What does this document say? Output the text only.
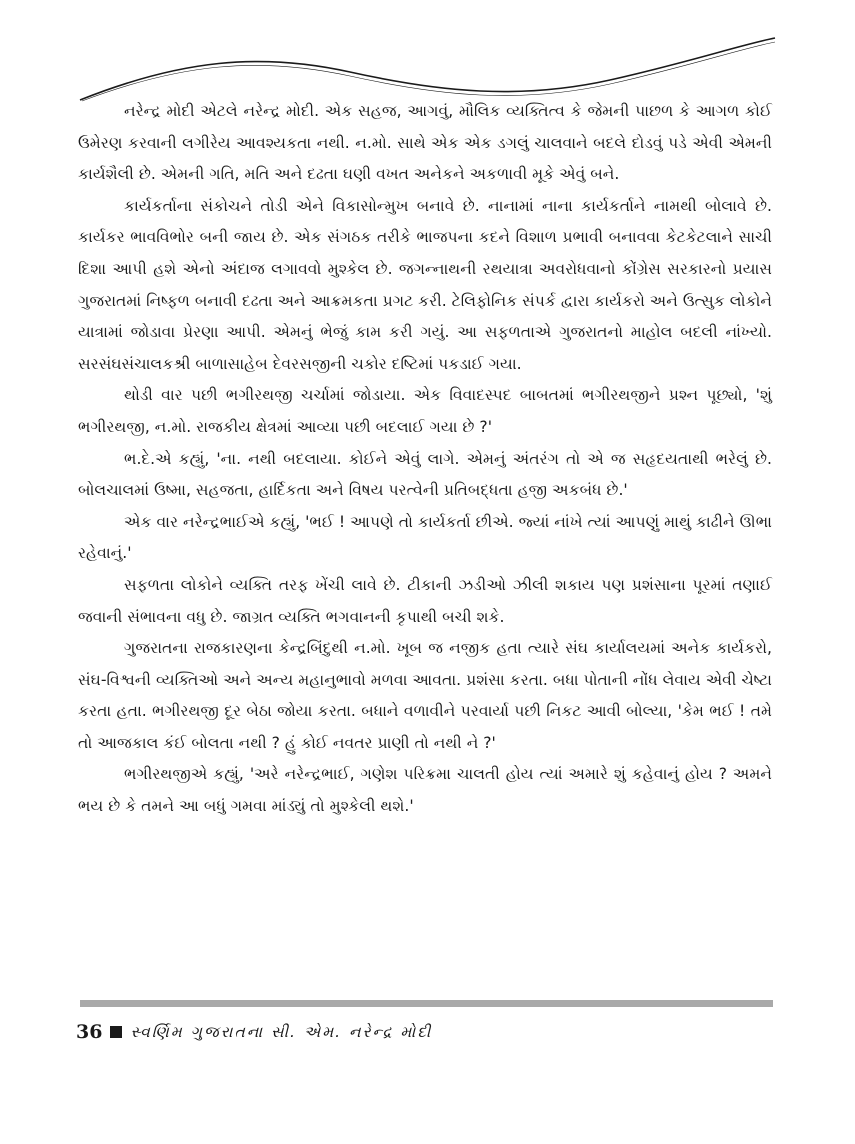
નરેન્દ્ર મોદી એટલે નરેન્દ્ર મોદી. એક સહજ, આગવું, મૌલિક વ્યક્તિત્વ કે જેમની પાછળ કે આગળ કોઈ ઉમેરણ કરવાની લગીરેય આવશ્યકતા નથી. ન.મો. સાથે એક એક ડગલું ચાલવાને બદલે દોડવું પડે એવી એમની કાર્યશૈલી છે. એમની ગતિ, મતિ અને દઢતા ઘણી વખત અનેકને અકળાવી મૂકે એવું બને.

કાર્યકર્તાના સંકોચને તોડી એને વિકાસોન્મુખ બનાવે છે. નાનામાં નાના કાર્યકર્તાને નામથી બોલાવે છે. કાર્યકર ભાવવિભોર બની જાય છે. એક સંગઠક તરીકે ભાજપના કદને વિશાળ પ્રભાવી બનાવવા કેટકેટલાને સાચી દિશા આપી હશે એનો અંદાજ લગાવવો મુશ્કેલ છે. જગન્નાથની રથયાત્રા અવરોધવાનો કોંગ્રેસ સરકારનો પ્રયાસ ગુજરાતમાં નિષ્ફળ બનાવી દઢતા અને આક્રમકતા પ્રગટ કરી. ટેલિફોનિક સંપર્ક દ્વારા કાર્યકરો અને ઉત્સુક લોકોને યાત્રામાં જોડાવા પ્રેરણા આપી. એમનું ભેજું કામ કરી ગયું. આ સફળતાએ ગુજરાતનો માહોલ બદલી નાંખ્યો. સરસંઘસંચાલકશ્રી બાળાસાહેબ દેવરસજીની ચકોર દષ્ટિમાં પકડાઈ ગયા.

થોડી વાર પછી ભગીરથજી ચર્ચામાં જોડાયા. એક વિવાદસ્પદ બાબતમાં ભગીરથજીને પ્રશ્ન પૂછ્યો, 'શું ભગીરથજી, ન.મો. રાજકીય ક્ષેત્રમાં આવ્યા પછી બદલાઈ ગયા છે ?'

ભ.દે.એ કહ્યું, 'ના. નથી બદલાયા. કોઈને એવું લાગે. એમનું અંતરંગ તો એ જ સહૃદયતાથી ભરેલું છે. બોલચાલમાં ઉષ્મા, સહજતા, હાર્દિકતા અને વિષય પરત્વેની પ્રતિબદ્ધતા હજી અકબંધ છે.'

એક વાર નરેન્દ્રભાઈએ કહ્યું, 'ભઈ ! આપણે તો કાર્યકર્તા છીએ. જ્યાં નાંખે ત્યાં આપણું માથું કાઢીને ઊભા રહેવાનું.'

સફળતા લોકોને વ્યક્તિ તરફ ખેંચી લાવે છે. ટીકાની ઝડીઓ ઝીલી શકાય પણ પ્રશંસાના પૂરમાં તણાઈ જવાની સંભાવના વધુ છે. જાગ્રત વ્યક્તિ ભગવાનની કૃપાથી બચી શકે.

ગુજરાતના રાજકારણના કેન્દ્રબિંદુથી ન.મો. ખૂબ જ નજીક હતા ત્યારે સંઘ કાર્યાલયમાં અનેક કાર્યકરો, સંઘ-વિશ્વની વ્યક્તિઓ અને અન્ય મહાનુભાવો મળવા આવતા. પ્રશંસા કરતા. બધા પોતાની નોંધ લેવાય એવી ચેષ્ટા કરતા હતા. ભગીરથજી દૂર બેઠા જોયા કરતા. બધાને વળાવીને પરવાર્યા પછી નિકટ આવી બોલ્યા, 'કેમ ભઈ ! તમે તો આજકાલ કંઈ બોલતા નથી ? હું કોઈ નવતર પ્રાણી તો નથી ને ?'

ભગીરથજીએ કહ્યું, 'અરે નરેન્દ્રભાઈ, ગણેશ પરિક્રમા ચાલતી હોય ત્યાં અમારે શું કહેવાનું હોય ? અમને ભય છે કે તમને આ બધું ગમવા માંડ્યું તો મુશ્કેલી થશે.'

36 સ્વર્ણિમ ગુજરાતના સી. એમ. નરેન્દ્ર મોદી
